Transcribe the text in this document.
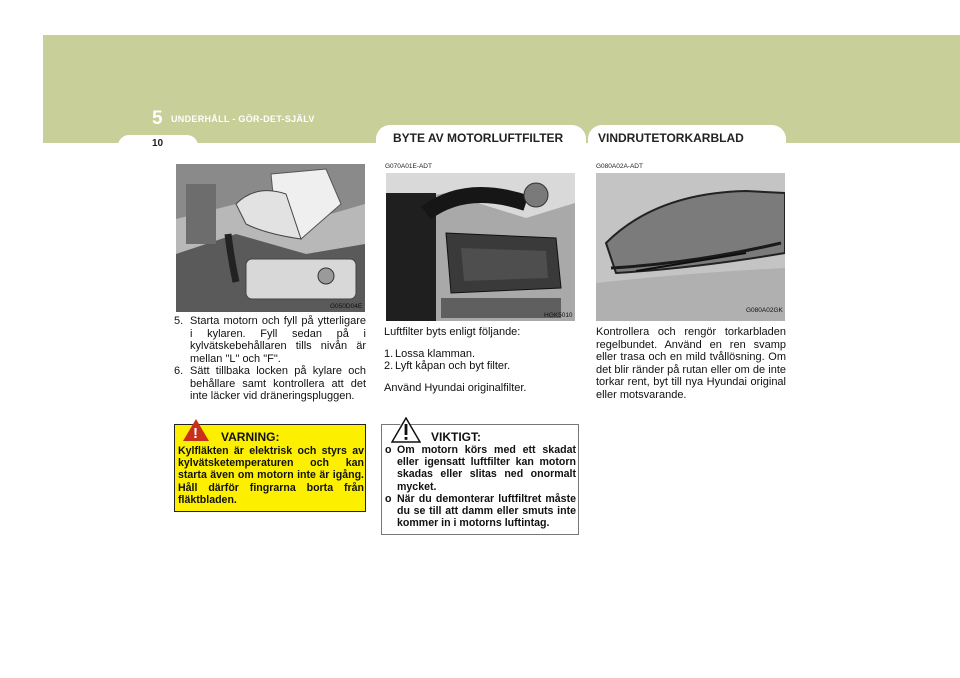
5 UNDERHÅLL - GÖR-DET-SJÄLV
10	BYTE AV MOTORLUFTFILTER	VINDRUTETORKARBLAD
G050D04E
5. Starta motorn och fyll på ytterligare i kylaren. Fyll sedan på i kylvätskebehållaren tills nivån är mellan "L" och "F".
6. Sätt tillbaka locken på kylare och behållare samt kontrollera att det inte läcker vid dräneringspluggen.
! VARNING:
Kylfläkten är elektrisk och styrs av kylvätsketemperaturen och kan starta även om motorn inte är igång. Håll därför fingrarna borta från fläktbladen.
G070A01E-ADT
HGK5010
Luftfilter byts enligt följande:
1. Lossa klamman.
2. Lyft kåpan och byt filter.
Använd Hyundai originalfilter.
VIKTIGT:
o Om motorn körs med ett skadat eller igensatt luftfilter kan motorn skadas eller slitas ned onormalt mycket.
o När du demonterar luftfiltret måste du se till att damm eller smuts inte kommer in i motorns luftintag.
G080A02A-ADT
G080A02GK
Kontrollera och rengör torkarbladen regelbundet. Använd en ren svamp eller trasa och en mild tvållösning. Om det blir ränder på rutan eller om de inte torkar rent, byt till nya Hyundai original eller motsvarande.
